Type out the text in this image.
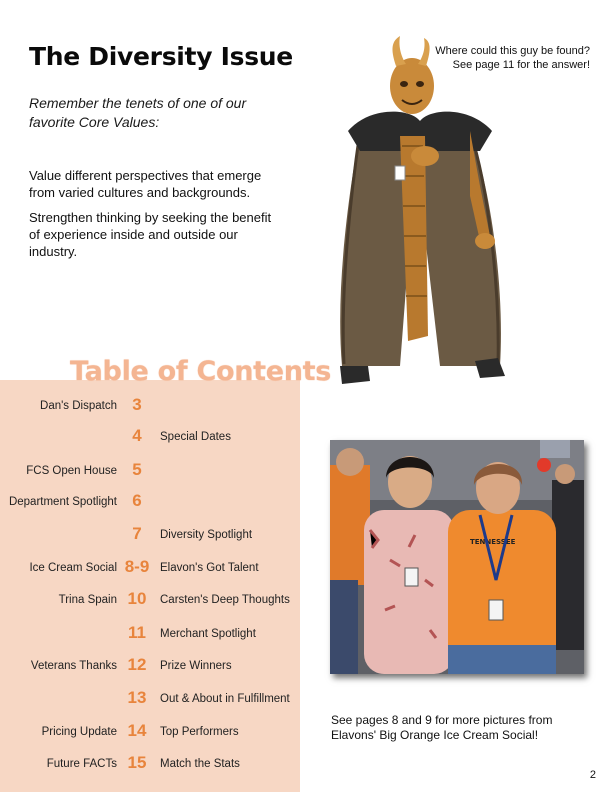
The Diversity Issue

Remember the tenets of one of our favorite Core Values:

Value different perspectives that emerge from varied cultures and backgrounds.

Strengthen thinking by seeking the benefit of experience inside and outside our industry.

Where could this guy be found?
See page 11 for the answer!
Table of Contents
Dan's Dispatch 3
4	Special Dates
FCS Open House 5
Department Spotlight 6
7	Diversity Spotlight
Ice Cream Social 8-9 Elavon's Got Talent
Trina Spain 10	Carsten's Deep Thoughts
11	Merchant Spotlight
Veterans Thanks 12	Prize Winners
13	Out & About in Fulfillment
Pricing Update 14	Top Performers
Future FACTs 15	Match the Stats
TENNESSEE

See pages 8 and 9 for more pictures from Elavons' Big Orange Ice Cream Social!

2
